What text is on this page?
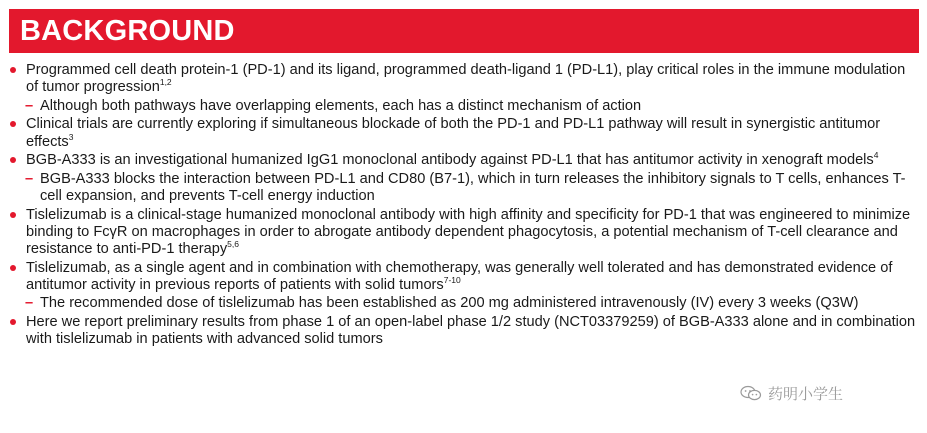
BACKGROUND
Programmed cell death protein-1 (PD-1) and its ligand, programmed death-ligand 1 (PD-L1), play critical roles in the immune modulation of tumor progression$^{1,2}$
– Although both pathways have overlapping elements, each has a distinct mechanism of action
Clinical trials are currently exploring if simultaneous blockade of both the PD-1 and PD-L1 pathway will result in synergistic antitumor effects$^3$
BGB-A333 is an investigational humanized IgG1 monoclonal antibody against PD-L1 that has antitumor activity in xenograft models$^4$
– BGB-A333 blocks the interaction between PD-L1 and CD80 (B7-1), which in turn releases the inhibitory signals to T cells, enhances T-cell expansion, and prevents T-cell energy induction
Tislelizumab is a clinical-stage humanized monoclonal antibody with high affinity and specificity for PD-1 that was engineered to minimize binding to FcγR on macrophages in order to abrogate antibody dependent phagocytosis, a potential mechanism of T-cell clearance and resistance to anti-PD-1 therapy$^{5,6}$
Tislelizumab, as a single agent and in combination with chemotherapy, was generally well tolerated and has demonstrated evidence of antitumor activity in previous reports of patients with solid tumors$^{7-10}$
– The recommended dose of tislelizumab has been established as 200 mg administered intravenously (IV) every 3 weeks (Q3W)
Here we report preliminary results from phase 1 of an open-label phase 1/2 study (NCT03379259) of BGB-A333 alone and in combination with tislelizumab in patients with advanced solid tumors
药明小学生
